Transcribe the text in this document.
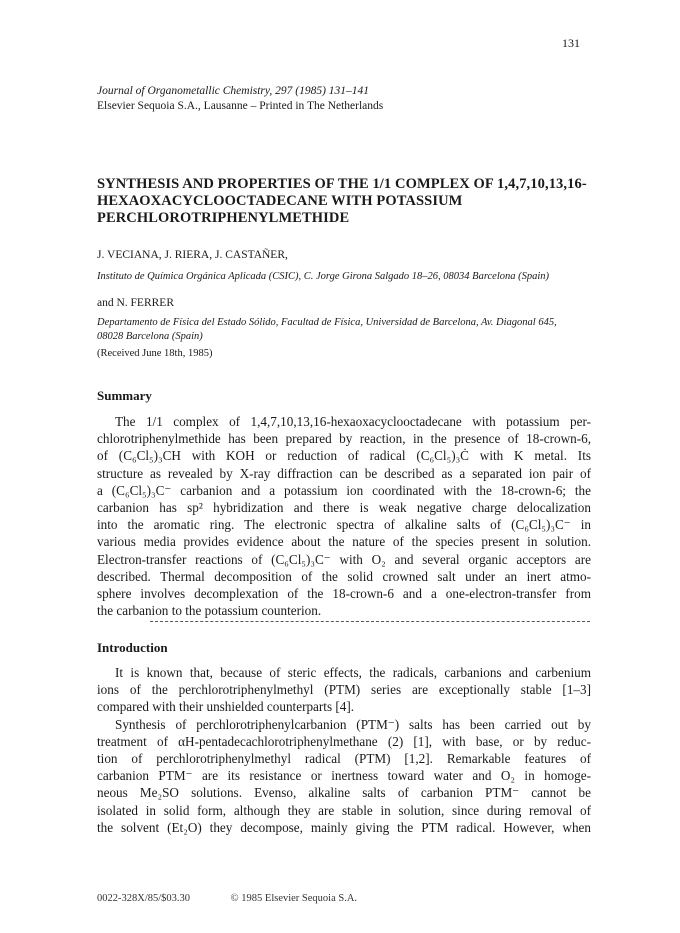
131
Journal of Organometallic Chemistry, 297 (1985) 131–141
Elsevier Sequoia S.A., Lausanne – Printed in The Netherlands
SYNTHESIS AND PROPERTIES OF THE 1/1 COMPLEX OF 1,4,7,10,13,16-
HEXAOXACYCLOOCTADECANE WITH POTASSIUM
PERCHLOROTRIPHENYLMETHIDE
J. VECIANA, J. RIERA, J. CASTAÑER,
Instituto de Química Orgánica Aplicada (CSIC), C. Jorge Girona Salgado 18–26, 08034 Barcelona (Spain)
and N. FERRER
Departamento de Física del Estado Sólido, Facultad de Física, Universidad de Barcelona, Av. Diagonal 645,
08028 Barcelona (Spain)
(Received June 18th, 1985)
Summary
The 1/1 complex of 1,4,7,10,13,16-hexaoxacyclooctadecane with potassium per-
chlorotriphenylmethide has been prepared by reaction, in the presence of 18-crown-6,
of (C₆Cl₅)₃CH with KOH or reduction of radical (C₆Cl₅)₃Ċ with K metal. Its
structure as revealed by X-ray diffraction can be described as a separated ion pair of
a (C₆Cl₅)₃C⁻ carbanion and a potassium ion coordinated with the 18-crown-6; the
carbanion has sp² hybridization and there is weak negative charge delocalization
into the aromatic ring. The electronic spectra of alkaline salts of (C₆Cl₅)₃C⁻ in
various media provides evidence about the nature of the species present in solution.
Electron-transfer reactions of (C₆Cl₅)₃C⁻ with O₂ and several organic acceptors are
described. Thermal decomposition of the solid crowned salt under an inert atmo-
sphere involves decomplexation of the 18-crown-6 and a one-electron-transfer from
the carbanion to the potassium counterion.
Introduction
It is known that, because of steric effects, the radicals, carbanions and carbenium
ions of the perchlorotriphenylmethyl (PTM) series are exceptionally stable [1–3]
compared with their unshielded counterparts [4].
Synthesis of perchlorotriphenylcarbanion (PTM⁻) salts has been carried out by
treatment of αH-pentadecachlorotriphenylmethane (2) [1], with base, or by reduc-
tion of perchlorotriphenylmethyl radical (PTM) [1,2]. Remarkable features of
carbanion PTM⁻ are its resistance or inertness toward water and O₂ in homoge-
neous Me₂SO solutions. Evenso, alkaline salts of carbanion PTM⁻ cannot be
isolated in solid form, although they are stable in solution, since during removal of
the solvent (Et₂O) they decompose, mainly giving the PTM radical. However, when
0022-328X/85/$03.30	© 1985 Elsevier Sequoia S.A.
